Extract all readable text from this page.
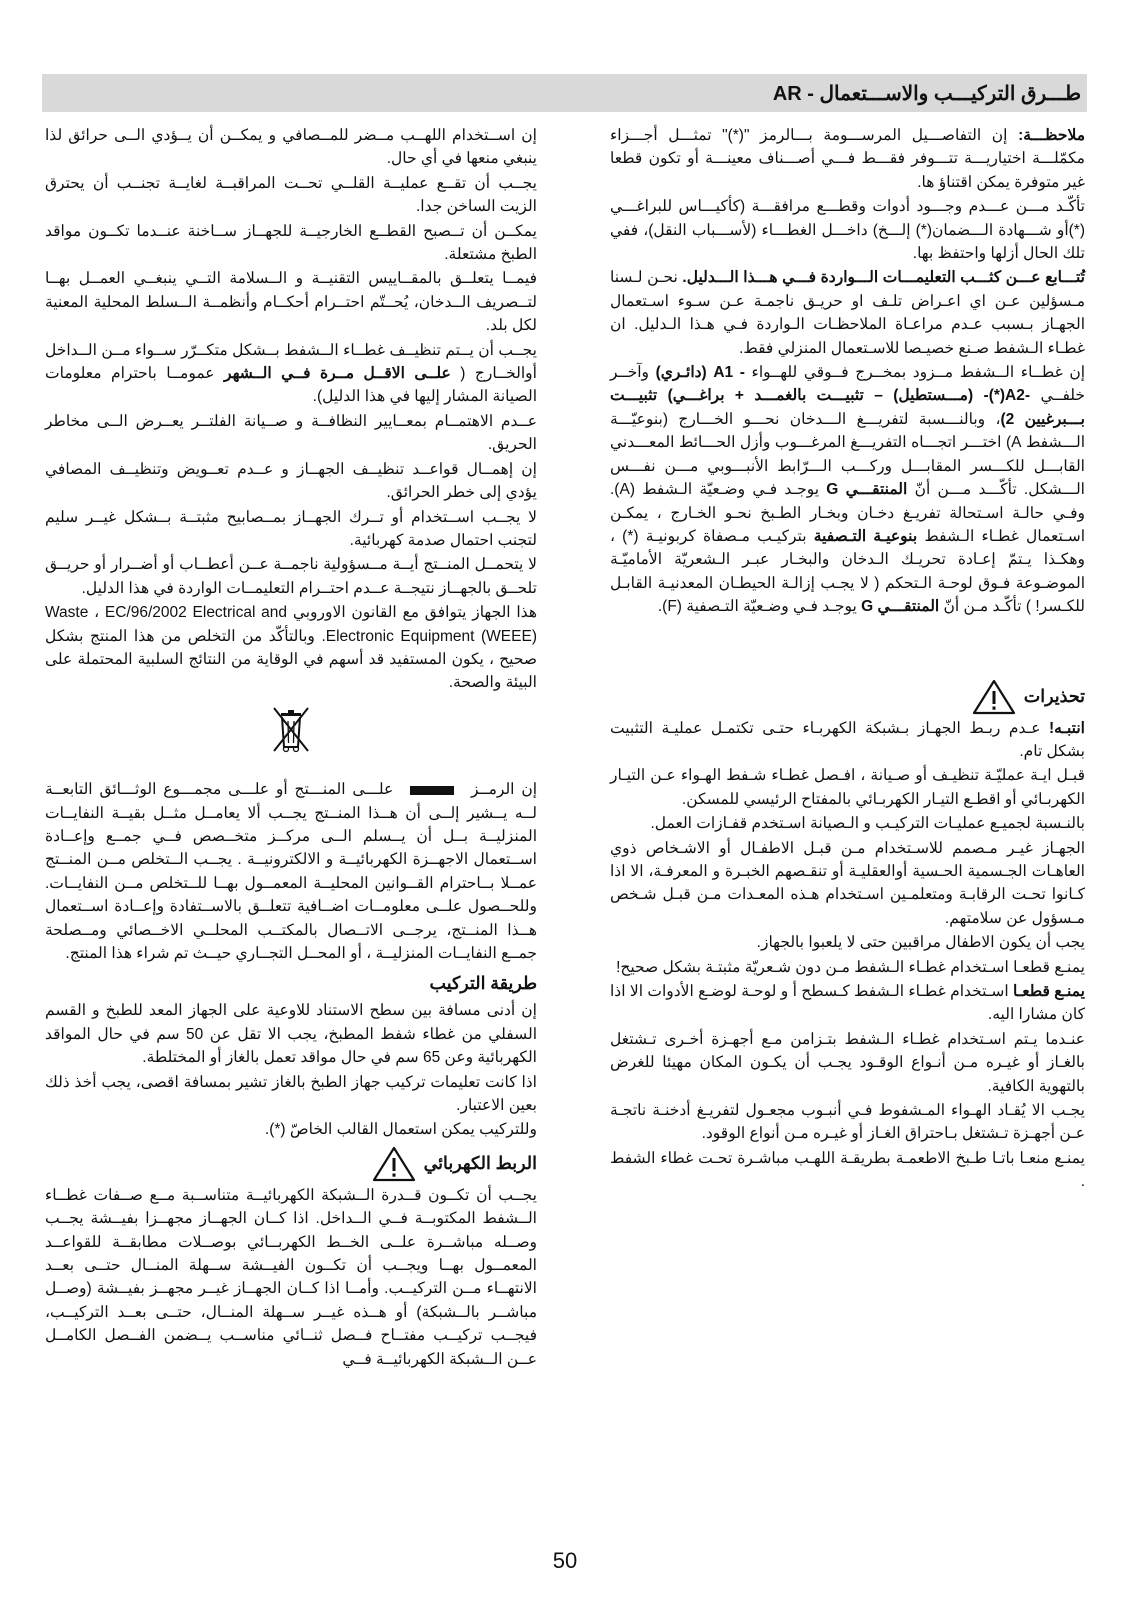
طـــرق التركيـــب والاســـتعمال - AR

ملاحظـــة: إن التفاصـــيل المرســـومة بـــالرمز "(*)" تمثـــل أجـــزاء مكمّلـــة اختياريـــة تتـــوفر فقـــط فـــي أصـــناف معينـــة أو تكون قطعا غير متوفرة يمكن اقتناؤ ها.

تأكّـد مـــن عـــدم وجـــود أدوات وقطـــع مرافقـــة (كأكيـــاس للبراغـــي (*)أو شـــهادة الـــضمان(*) إلـــخ) داخـــل الغطـــاء (لأســـباب النقل)، ففي تلك الحال أزلها واحتفظ بها.

تُتـــابع عـــن كثـــب التعليمـــات الـــواردة فـــي هـــذا الـــدليل. نحـن لـسنا مـسؤلين عـن اي اعـراض تلـف او حريـق ناجمـة عـن سـوء اسـتعمال الجهـاز بـسبب عـدم مراعـاة الملاحظـات الـواردة فـي هـذا الـدليل. ان غطـاء الـشفط صـنع خصيـصا للاسـتعمال المنزلي فقط.

إن غطــاء الــشفط مــزود بمخــرج فــوقي للهــواء - A1 (دائـري) وآخــر خلفــي -A2(*)- (مـــستطيل) – تثبيـــت بالغمـــد + براغـــي) تثبيـــت بـــبرغيين 2)، وبالنـــسبة لتفريـــغ الـــدخان نحـــو الخـــارج (بنوعيّـــة الـــشفط A) اختـــر اتجـــاه التفريـــغ المرغـــوب وأزل الحـــائط المعـــدني القابـــل للكـــسر المقابـــل وركـــب الـــرّابط الأنبـــوبي مـــن نفـــس الـــشكل. تأكّـــد مـــن أنّ المنتقـــي G يوجـد فـي وضـعيّة الـشفط (A). وفـي حالـة اسـتحالة تفريـغ دخـان وبخـار الطـبخ نحـو الخـارج ، يمكـن اسـتعمال غطـاء الـشفط بنوعيـة التـصفية بتركيـب مـصفاة كربونيـة (*) ، وهكـذا يـتمّ إعـادة تحريـك الـدخان والبخـار عبـر الـشعريّة الأماميّـة الموضـوعة فـوق لوحـة الـتحكم ( لا يجـب إزالـة الحيطـان المعدنيـة القابـل للكـسر! ) تأكّـد مـن أنّ المنتقـــي G يوجـد فـي وضـعيّة التـصفية (F).

تحذيرات

انتبـه! عـدم ربـط الجهـاز بـشبكة الكهربـاء حتـى تكتمـل عمليـة التثبيت بشكل تام.

قبـل ايـة عمليّـة تنظيـف أو صـيانة ، افـصل غطـاء شـفط الهـواء عـن التيـار الكهربـائي أو اقطـع التيـار الكهربـائي بالمفتاح الرئيسي للمسكن.

بالنـسبة لجميـع عمليـات التركيـب و الـصيانة اسـتخدم قفـازات العمل.

الجهـاز غيـر مـصمم للاسـتخدام مـن قبـل الاطفـال أو الاشـخاص ذوي العاهـات الجـسمية الحـسية أوالعقليـة أو تنقـصهم الخبـرة و المعرفـة، الا اذا كـانوا تحـت الرقابـة ومتعلمـين اسـتخدام هـذه المعـدات مـن قبـل شـخص مـسؤول عن سلامتهم.

يجب أن يكون الاطفال مراقبين حتى لا يلعبوا بالجهاز.

يمنـع قطعـا اسـتخدام غطـاء الـشفط مـن دون شـعريّة مثبتـة بشكل صحيح!

يمنـع قطعـا اسـتخدام غطـاء الـشفط كـسطح أ و لوحـة لوضـع الأدوات الا اذا كان مشارا اليه.

عنـدما يـتم اسـتخدام غطـاء الـشفط بتـزامن مـع أجهـزة أخـرى تـشتغل بالغـاز أو غيـره مـن أنـواع الوقـود يجـب أن يكـون المكان مهيئا للغرض بالتهوية الكافية.

يجـب الا يُقـاد الهـواء المـشفوط فـي أنبـوب مجعـول لتفريـغ أدخنـة ناتجـة عـن أجهـزة تـشتغل بـاحتراق الغـاز أو غيـره مـن أنواع الوقود.

يمنـع منعـا باتـا طـبخ الاطعمـة بطريقـة اللهـب مباشـرة تحـت غطاء الشفط .

إن اســتخدام اللهــب مــضر للمــصافي و يمكــن أن يــؤدي الــى حرائق لذا ينبغي منعها في أي حال.

يجــب أن تقــع عمليــة القلــي تحــت المراقبــة لغايــة تجنــب أن يحترق الزيت الساخن جدا.

يمكــن أن تــصبح القطــع الخارجيــة للجهــاز ســاخنة عنــدما تكــون مواقد الطبخ مشتعلة.

فيمــا يتعلــق بالمقــاييس التقنيــة و الــسلامة التــي ينبغــي العمــل بهــا لتــصريف الــدخان، يُحــتّم احتــرام أحكــام وأنظمــة الــسلط المحلية المعنية لكل بلد.

يجــب أن يــتم تنظيــف غطــاء الــشفط بــشكل متكــرّر ســواء مــن الــداخل أوالخــارج ( علــى الاقــل مــرة فــي الــشهر عمومــا باحترام معلومات الصيانة المشار إليها في هذا الدليل).

عــدم الاهتمــام بمعــايير النظافــة و صــيانة الفلتــر يعــرض الــى مخاطر الحريق.

إن إهمــال قواعــد تنظيــف الجهــاز و عــدم تعــويض وتنظيــف المصافي يؤدي إلى خطر الحرائق.

لا يجــب اســتخدام أو تــرك الجهــاز بمــصابيح مثبتــة بــشكل غيــر سليم لتجنب احتمال صدمة كهربائية.

لا يتحمــل المنــتج أيــة مــسؤولية ناجمــة عــن أعطــاب أو أضــرار أو حريــق تلحــق بالجهــاز نتيجــة عــدم احتــرام التعليمــات الواردة في هذا الدليل.

هذا الجهاز يتوافق مع القانون الاوروبي Waste ، EC/96/2002 Electrical and Electronic Equipment (WEEE). وبالتأكّد من التخلص من هذا المنتج بشكل صحيح ، يكون المستفيد قد أسهم في الوقاية من النتائج السلبية المحتملة على البيئة والصحة.

إن الرمــز  علـــى المنـــتج أو علـــى مجمـــوع الوثـــائق التابعــة لــه يــشير إلــى أن هــذا المنــتج يجــب ألا يعامــل مثــل بقيــة النفايــات المنزليــة بــل أن يــسلم الــى مركــز متخــصص فــي جمــع وإعــادة اســتعمال الاجهــزة الكهربائيــة و الالكترونيــة . يجــب الــتخلص مــن المنــتج عمــلا بــاحترام القــوانين المحليــة المعمــول بهــا للــتخلص مــن النفايــات. وللحــصول علــى معلومــات اضــافية تتعلــق بالاســتفادة وإعــادة اســتعمال هــذا المنــتج، يرجــى الاتــصال بالمكتــب المحلــي الاخــصائي ومــصلحة جمــع النفايــات المنزليــة ، أو المحــل التجــاري حيــث تم شراء هذا المنتج.

طريقة التركيب

إن أدنى مسافة بين سطح الاستناد للاوعية على الجهاز المعد للطبخ و القسم السفلي من غطاء شفط المطبخ، يجب الا تقل عن 50 سم في حال المواقد الكهربائية وعن 65 سم في حال مواقد تعمل بالغاز أو المختلطة.

اذا كانت تعليمات تركيب جهاز الطبخ بالغاز تشير بمسافة اقصى، يجب أخذ ذلك بعين الاعتبار.

وللتركيب يمكن استعمال القالب الخاصّ (*).

الربط الكهربائي

يجــب أن تكــون قــدرة الــشبكة الكهربائيــة متناســبة مــع صــفات غطــاء الــشفط المكتوبــة فــي الــداخل. اذا كــان الجهــاز مجهــزا بفيــشة يجــب وصــله مباشــرة علــى الخــط الكهربــائي بوصــلات مطابقــة للقواعــد المعمــول بهــا ويجــب أن تكــون الفيــشة ســهلة المنــال حتــى بعــد الانتهــاء مــن التركيــب. وأمــا اذا كــان الجهــاز غيــر مجهــز بفيــشة (وصــل مباشــر بالــشبكة) أو هــذه غيــر ســهلة المنــال، حتــى بعــد التركيــب، فيجــب تركيــب مفتــاح فــصل ثنــائي مناســب يــضمن الفــصل الكامــل عــن الــشبكة الكهربائيــة فــي

50
